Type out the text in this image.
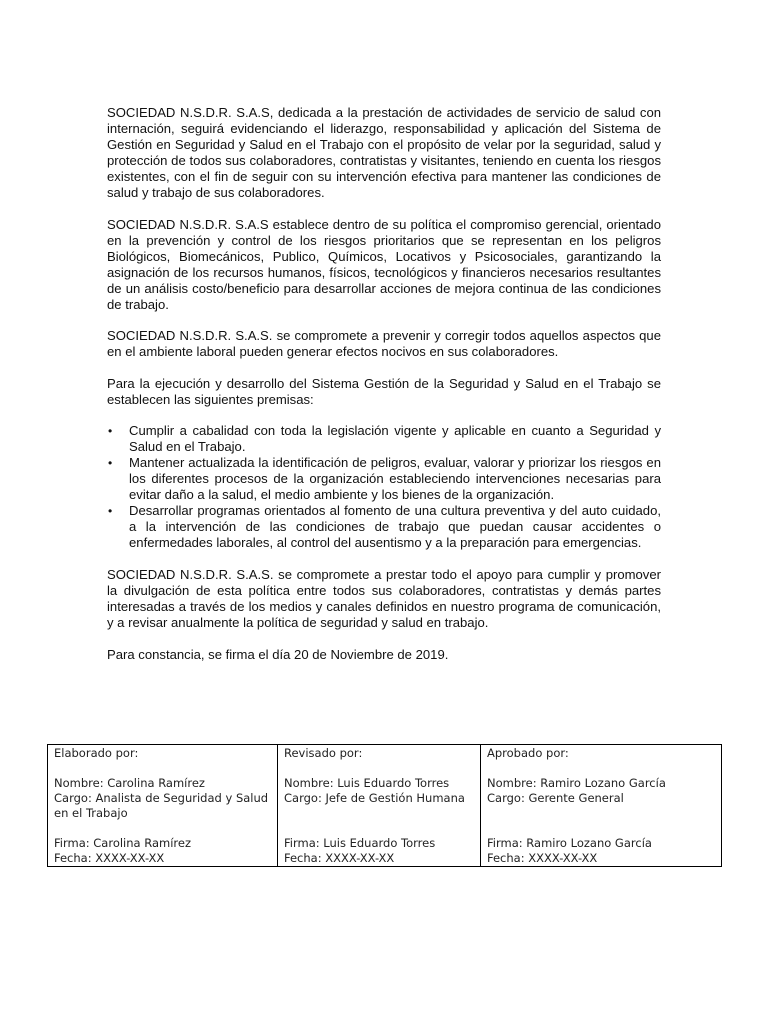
SOCIEDAD N.S.D.R. S.A.S, dedicada a la prestación de actividades de servicio de salud con internación, seguirá evidenciando el liderazgo, responsabilidad y aplicación del Sistema de Gestión en Seguridad y Salud en el Trabajo con el propósito de velar por la seguridad, salud y protección de todos sus colaboradores, contratistas y visitantes, teniendo en cuenta los riesgos existentes, con el fin de seguir con su intervención efectiva para mantener las condiciones de salud y trabajo de sus colaboradores.

SOCIEDAD N.S.D.R. S.A.S establece dentro de su política el compromiso gerencial, orientado en la prevención y control de los riesgos prioritarios que se representan en los peligros Biológicos, Biomecánicos, Publico, Químicos, Locativos y Psicosociales, garantizando la asignación de los recursos humanos, físicos, tecnológicos y financieros necesarios resultantes de un análisis costo/beneficio para desarrollar acciones de mejora continua de las condiciones de trabajo.

SOCIEDAD N.S.D.R. S.A.S. se compromete a prevenir y corregir todos aquellos aspectos que en el ambiente laboral pueden generar efectos nocivos en sus colaboradores.

Para la ejecución y desarrollo del Sistema Gestión de la Seguridad y Salud en el Trabajo se establecen las siguientes premisas:

• Cumplir a cabalidad con toda la legislación vigente y aplicable en cuanto a Seguridad y Salud en el Trabajo.
• Mantener actualizada la identificación de peligros, evaluar, valorar y priorizar los riesgos en los diferentes procesos de la organización estableciendo intervenciones necesarias para evitar daño a la salud, el medio ambiente y los bienes de la organización.
• Desarrollar programas orientados al fomento de una cultura preventiva y del auto cuidado, a la intervención de las condiciones de trabajo que puedan causar accidentes o enfermedades laborales, al control del ausentismo y a la preparación para emergencias.

SOCIEDAD N.S.D.R. S.A.S. se compromete a prestar todo el apoyo para cumplir y promover la divulgación de esta política entre todos sus colaboradores, contratistas y demás partes interesadas a través de los medios y canales definidos en nuestro programa de comunicación, y a revisar anualmente la política de seguridad y salud en trabajo.

Para constancia, se firma el día 20 de Noviembre de 2019.

Elaborado por:
Nombre: Carolina Ramírez
Cargo: Analista de Seguridad y Salud en el Trabajo
Firma: Carolina Ramírez
Fecha: XXXX-XX-XX

Revisado por:
Nombre: Luis Eduardo Torres
Cargo: Jefe de Gestión Humana
Firma: Luis Eduardo Torres
Fecha: XXXX-XX-XX

Aprobado por:
Nombre: Ramiro Lozano García
Cargo: Gerente General
Firma: Ramiro Lozano García
Fecha: XXXX-XX-XX
